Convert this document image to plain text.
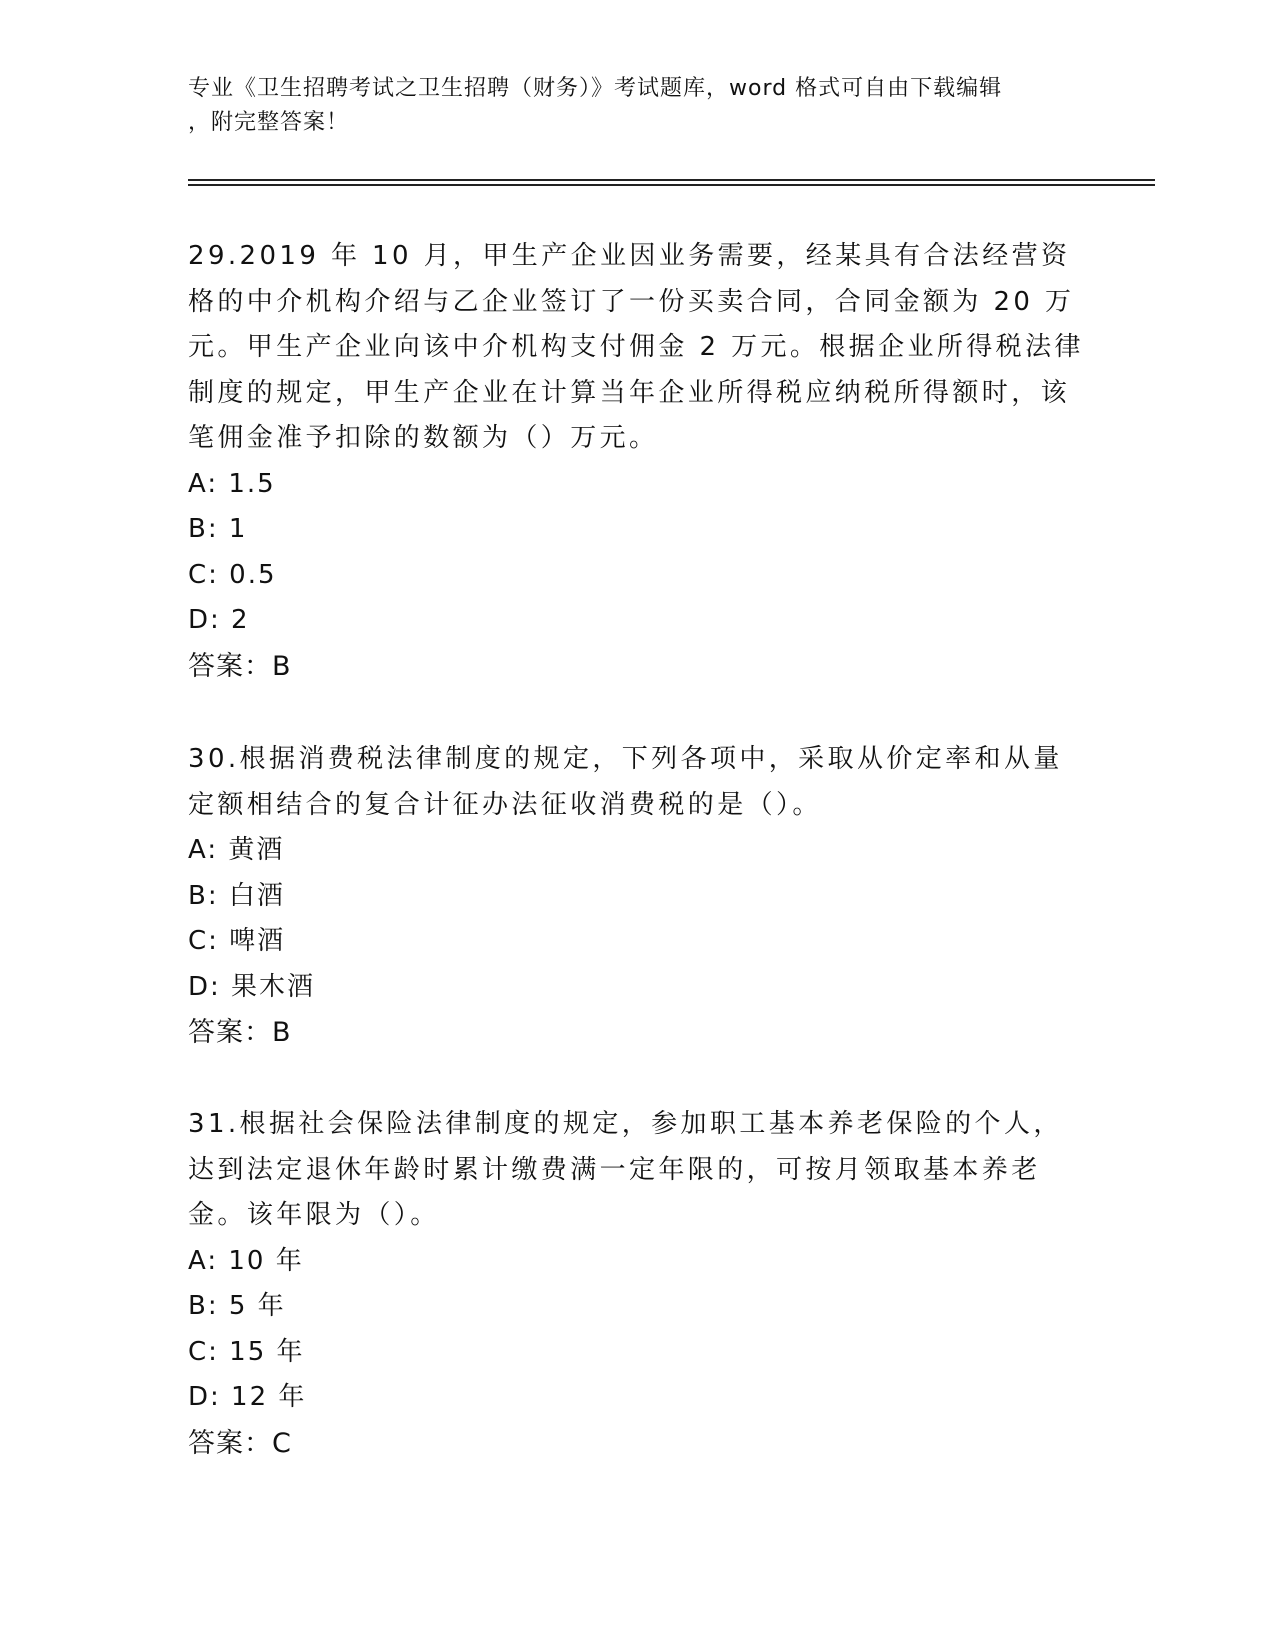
专业《卫生招聘考试之卫生招聘（财务）》考试题库，word 格式可自由下载编辑
，附完整答案！

29.2019 年 10 月，甲生产企业因业务需要，经某具有合法经营资格的中介机构介绍与乙企业签订了一份买卖合同，合同金额为 20 万元。甲生产企业向该中介机构支付佣金 2 万元。根据企业所得税法律制度的规定，甲生产企业在计算当年企业所得税应纳税所得额时，该笔佣金准予扣除的数额为（）万元。

A: 1.5

B: 1

C: 0.5

D: 2

答案：B

30.根据消费税法律制度的规定，下列各项中，采取从价定率和从量定额相结合的复合计征办法征收消费税的是（）。

A: 黄酒

B: 白酒

C: 啤酒

D: 果木酒

答案：B

31.根据社会保险法律制度的规定，参加职工基本养老保险的个人，达到法定退休年龄时累计缴费满一定年限的，可按月领取基本养老金。该年限为（）。

A: 10 年

B: 5 年

C: 15 年

D: 12 年

答案：C
